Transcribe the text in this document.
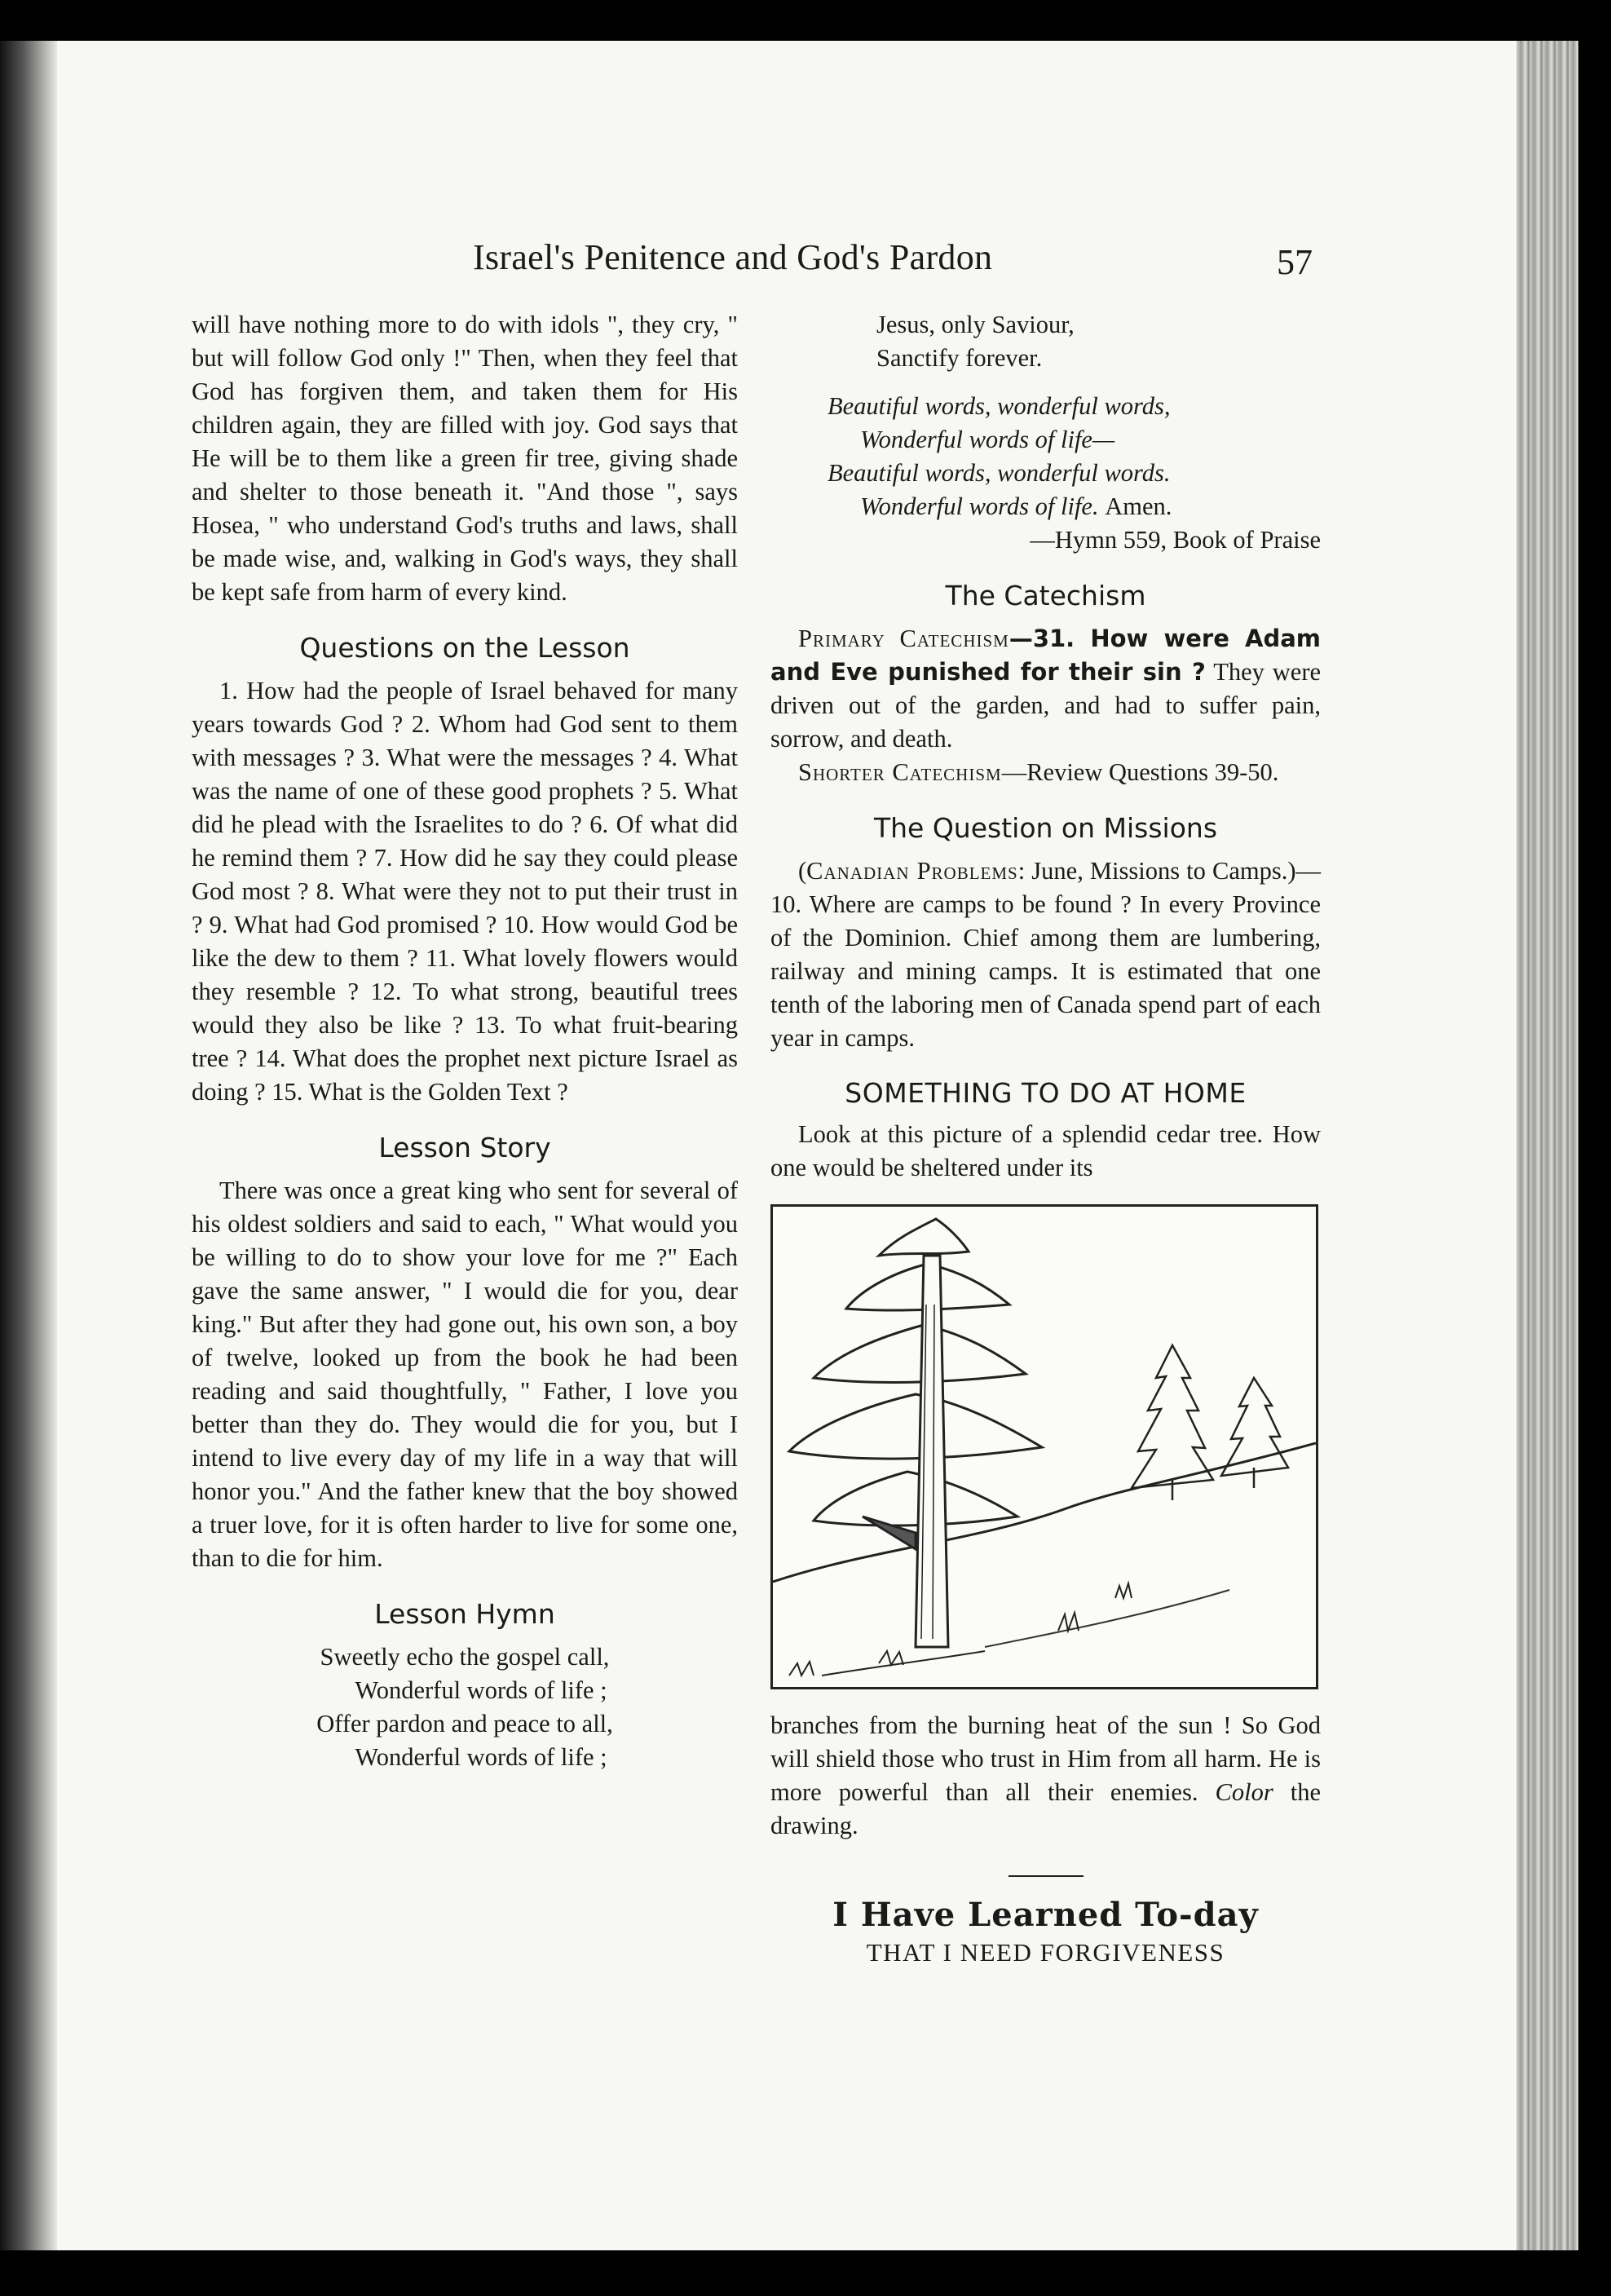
Israel's Penitence and God's Pardon	57

will have nothing more to do with idols ", they cry, " but will follow God only !" Then, when they feel that God has forgiven them, and taken them for His children again, they are filled with joy. God says that He will be to them like a green fir tree, giving shade and shelter to those beneath it. "And those ", says Hosea, " who understand God's truths and laws, shall be made wise, and, walking in God's ways, they shall be kept safe from harm of every kind.

Questions on the Lesson

1. How had the people of Israel behaved for many years towards God ? 2. Whom had God sent to them with messages ? 3. What were the messages ? 4. What was the name of one of these good prophets ? 5. What did he plead with the Israelites to do ? 6. Of what did he remind them ? 7. How did he say they could please God most ? 8. What were they not to put their trust in ? 9. What had God promised ? 10. How would God be like the dew to them ? 11. What lovely flowers would they resemble ? 12. To what strong, beautiful trees would they also be like ? 13. To what fruit-bearing tree ? 14. What does the prophet next picture Israel as doing ? 15. What is the Golden Text ?

Lesson Story

There was once a great king who sent for several of his oldest soldiers and said to each, " What would you be willing to do to show your love for me ?" Each gave the same answer, " I would die for you, dear king." But after they had gone out, his own son, a boy of twelve, looked up from the book he had been reading and said thoughtfully, " Father, I love you better than they do. They would die for you, but I intend to live every day of my life in a way that will honor you." And the father knew that the boy showed a truer love, for it is often harder to live for some one, than to die for him.

Lesson Hymn
Sweetly echo the gospel call,
Wonderful words of life ;
Offer pardon and peace to all,
Wonderful words of life ;
Jesus, only Saviour,
Sanctify forever.
Beautiful words, wonderful words,
Wonderful words of life—
Beautiful words, wonderful words.
Wonderful words of life. Amen.
—Hymn 559, Book of Praise
The Catechism

Primary Catechism—31. How were Adam and Eve punished for their sin ? They were driven out of the garden, and had to suffer pain, sorrow, and death.

Shorter Catechism—Review Questions 39-50.

The Question on Missions

(Canadian Problems: June, Missions to Camps.)—10. Where are camps to be found ? In every Province of the Dominion. Chief among them are lumbering, railway and mining camps. It is estimated that one tenth of the laboring men of Canada spend part of each year in camps.

SOMETHING TO DO AT HOME

Look at this picture of a splendid cedar tree. How one would be sheltered under its

branches from the burning heat of the sun ! So God will shield those who trust in Him from all harm. He is more powerful than all their enemies. Color the drawing.

I Have Learned To-day
THAT I NEED FORGIVENESS
